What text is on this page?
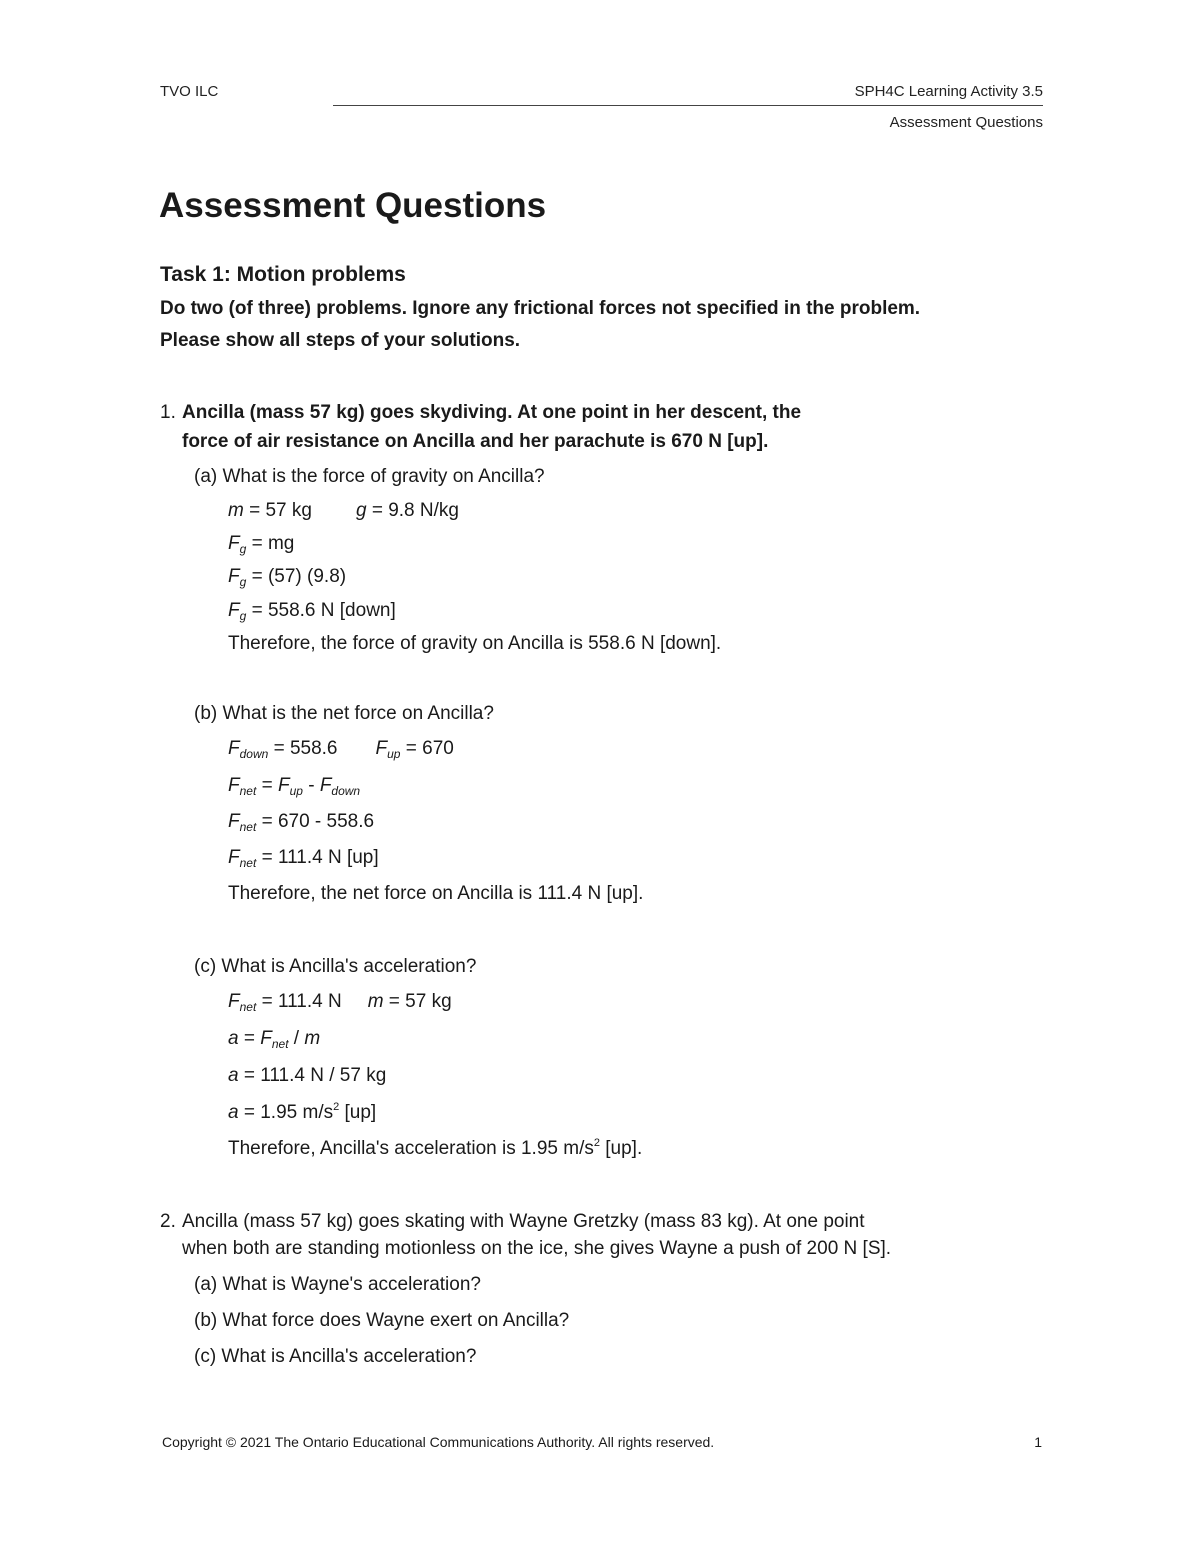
TVO ILC	SPH4C Learning Activity 3.5
Assessment Questions
Assessment Questions
Task 1: Motion problems
Do two (of three) problems. Ignore any frictional forces not specified in the problem.
Please show all steps of your solutions.
1. Ancilla (mass 57 kg) goes skydiving. At one point in her descent, the
force of air resistance on Ancilla and her parachute is 670 N [up].
(a) What is the force of gravity on Ancilla?
m = 57 kg g = 9.8 N/kg
$F_g$ = mg
$F_g = (57)$ (9.8)
$F_g = 558.6$ N [down]
Therefore, the force of gravity on Ancilla is 558.6 N [down].
(b) What is the net force on Ancilla?
$F_{down} = 558.6$ $F_{up} = 670$
$F_{net} = F_{up} - F_{down}$
$F_{net} = 670 - 558.6$
$F_{net} = 111.4$ N [up]
Therefore, the net force on Ancilla is 111.4 N [up].
(c) What is Ancilla's acceleration?
$F_{net} = 111.4$ N m = 57 kg
$a = F_{net} / m$
a = 111.4 N / 57 kg
a = 1.95 $m/s^2$ [up]
Therefore, Ancilla's acceleration is 1.95 $m/s^2$ [up].
2. Ancilla (mass 57 kg) goes skating with Wayne Gretzky (mass 83 kg). At one point
when both are standing motionless on the ice, she gives Wayne a push of 200 N [S].
(a) What is Wayne's acceleration?
(b) What force does Wayne exert on Ancilla?
(c) What is Ancilla's acceleration?
Copyright © 2021 The Ontario Educational Communications Authority. All rights reserved.	1
